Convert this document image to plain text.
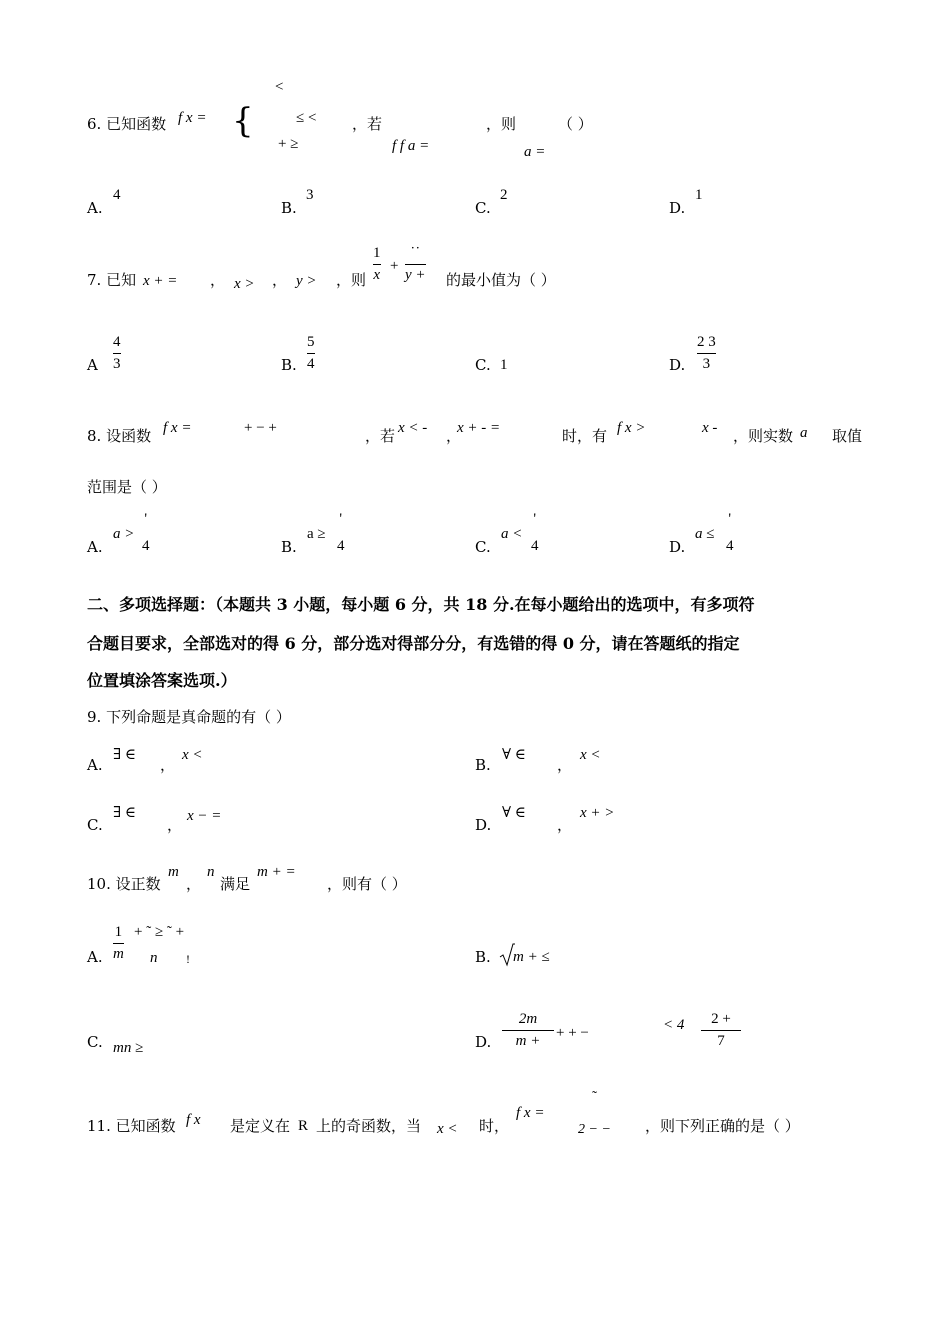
6. 已知函数 f x = {
<
≤ <
+ ≥
，若
f f a =
，则
a =
（ ）
A.
4
B.
3
C.
2
D.
1
7. 已知 x + = ， x > ， y > ，则
1
x
+
˙˙
y + 的最小值为（ ）
A
4
3	B.
5
4	C. 1	D.
2 3
3
8. 设函数 f x =	+ − +	，若 x < - ，
x + - =	时，有 f x >	x - ，则实数 a 取值
范围是（ ）
A.
a >
'
4	B.
a ≥
'
4	C.
a <
'
4	D.
a ≤
'
4
二、多项选择题：（本题共 3 小题，每小题 6 分，共 18 分.在每小题给出的选项中，有多项符
合题目要求，全部选对的得 6 分，部分选对得部分分，有选错的得 0 分，请在答题纸的指定
位置填涂答案选项.）
9. 下列命题是真命题的有（ ）
A.
∃ ∈
，
x <
B.
∀ ∈
，
x <
C.
∃ ∈
， x − =	D.
∀ ∈
，
x + >
10. 设正数
m
，
n
满足
m + =
，则有（ ）
A.
1
m
+ ˜ ≥ ˜ +
n !	B. m + ≤
C. mn ≥	D.
2m
m +	+ + −	< 4	2 +
7
11. 已知函数 f x 是定义在 R 上的奇函数，当 x < 时，
f x =
˜
2 − − ，则下列正确的是（ ）
